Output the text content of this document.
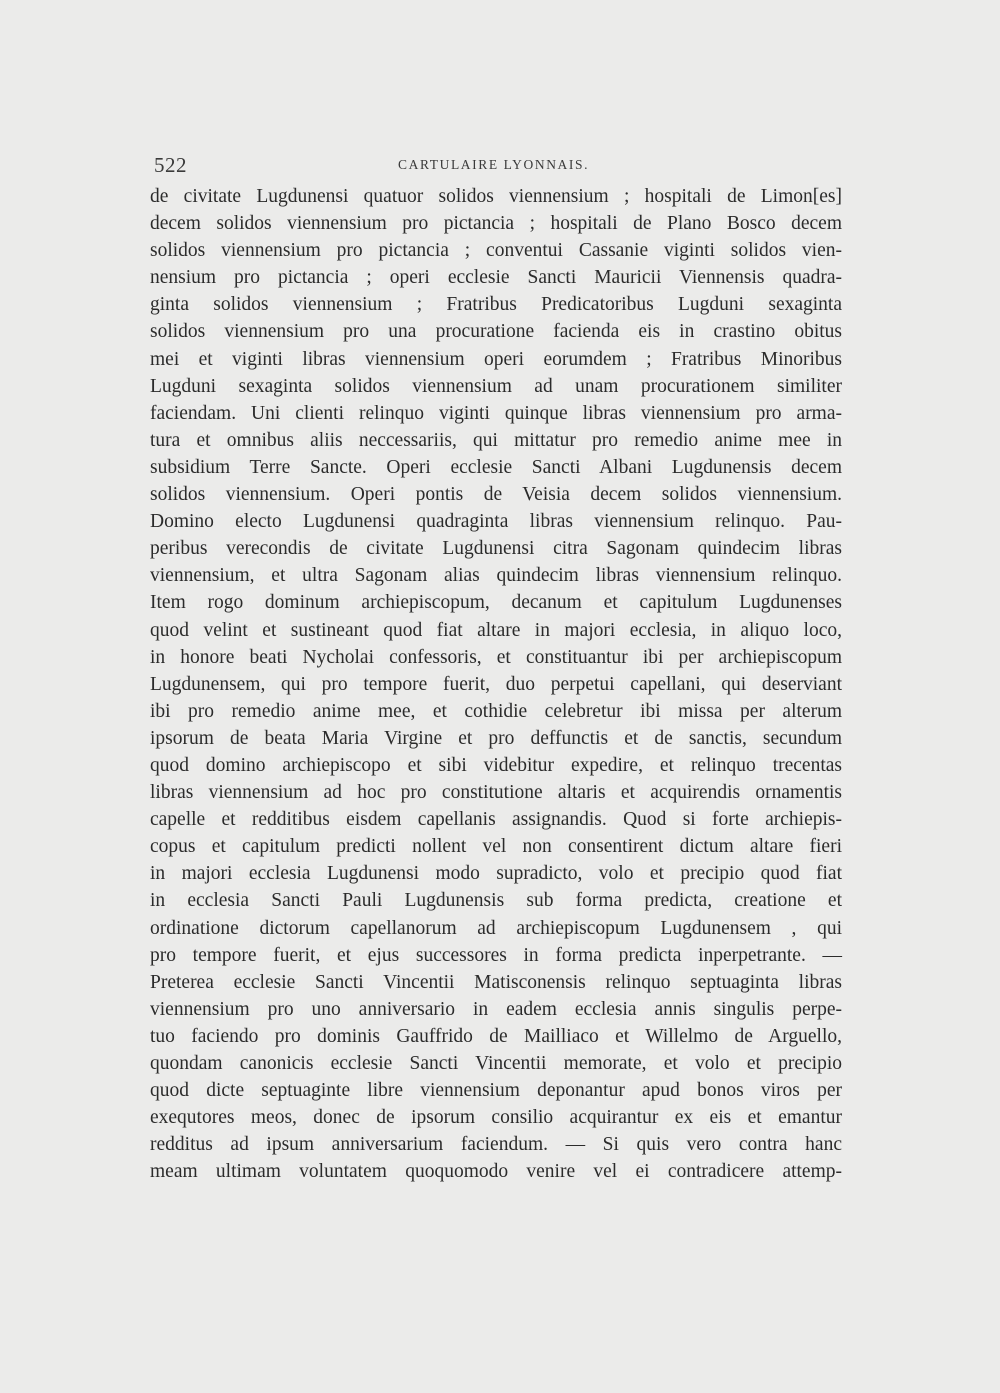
522	CARTULAIRE LYONNAIS.
de civitate Lugdunensi quatuor solidos viennensium ; hospitali de Limon[es]
decem solidos viennensium pro pictancia ; hospitali de Plano Bosco decem
solidos viennensium pro pictancia ; conventui Cassanie viginti solidos vien-
nensium pro pictancia ; operi ecclesie Sancti Mauricii Viennensis quadra-
ginta solidos viennensium ; Fratribus Predicatoribus Lugduni sexaginta
solidos viennensium pro una procuratione facienda eis in crastino obitus
mei et viginti libras viennensium operi eorumdem ; Fratribus Minoribus
Lugduni sexaginta solidos viennensium ad unam procurationem similiter
faciendam. Uni clienti relinquo viginti quinque libras viennensium pro arma-
tura et omnibus aliis neccessariis, qui mittatur pro remedio anime mee in
subsidium Terre Sancte. Operi ecclesie Sancti Albani Lugdunensis decem
solidos viennensium. Operi pontis de Veisia decem solidos viennensium.
Domino electo Lugdunensi quadraginta libras viennensium relinquo. Pau-
peribus verecondis de civitate Lugdunensi citra Sagonam quindecim libras
viennensium, et ultra Sagonam alias quindecim libras viennensium relinquo.
Item rogo dominum archiepiscopum, decanum et capitulum Lugdunenses
quod velint et sustineant quod fiat altare in majori ecclesia, in aliquo loco,
in honore beati Nycholai confessoris, et constituantur ibi per archiepiscopum
Lugdunensem, qui pro tempore fuerit, duo perpetui capellani, qui deserviant
ibi pro remedio anime mee, et cothidie celebretur ibi missa per alterum
ipsorum de beata Maria Virgine et pro deffunctis et de sanctis, secundum
quod domino archiepiscopo et sibi videbitur expedire, et relinquo trecentas
libras viennensium ad hoc pro constitutione altaris et acquirendis ornamentis
capelle et redditibus eisdem capellanis assignandis. Quod si forte archiepis-
copus et capitulum predicti nollent vel non consentirent dictum altare fieri
in majori ecclesia Lugdunensi modo supradicto, volo et precipio quod fiat
in ecclesia Sancti Pauli Lugdunensis sub forma predicta, creatione et
ordinatione dictorum capellanorum ad archiepiscopum Lugdunensem , qui
pro tempore fuerit, et ejus successores in forma predicta inperpetrante. —
Preterea ecclesie Sancti Vincentii Matisconensis relinquo septuaginta libras
viennensium pro uno anniversario in eadem ecclesia annis singulis perpe-
tuo faciendo pro dominis Gauffrido de Mailliaco et Willelmo de Arguello,
quondam canonicis ecclesie Sancti Vincentii memorate, et volo et precipio
quod dicte septuaginte libre viennensium deponantur apud bonos viros per
exequtores meos, donec de ipsorum consilio acquirantur ex eis et emantur
redditus ad ipsum anniversarium faciendum. — Si quis vero contra hanc
meam ultimam voluntatem quoquomodo venire vel ei contradicere attemp-
